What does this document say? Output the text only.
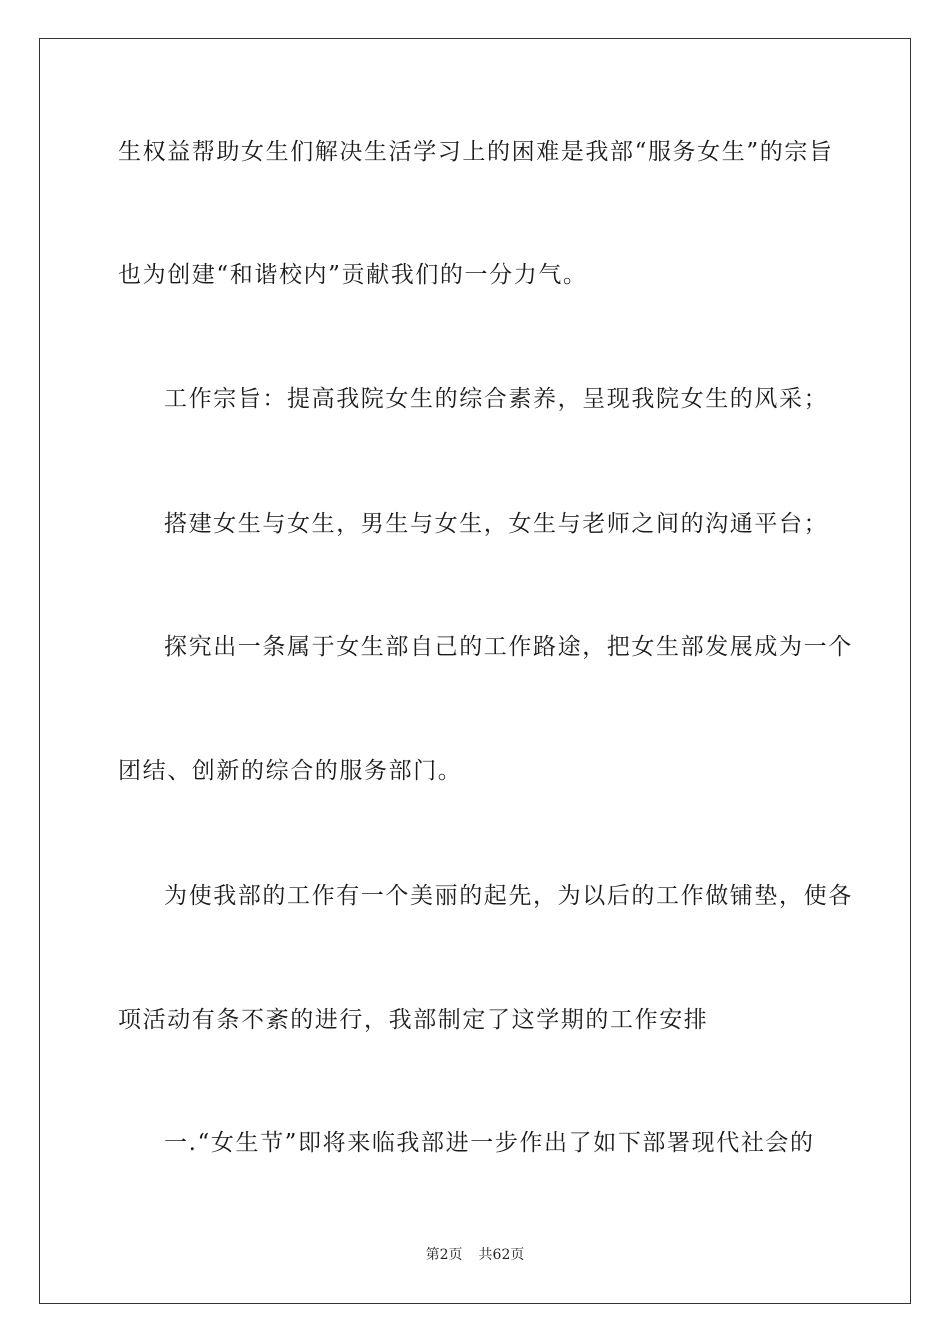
生权益帮助女生们解决生活学习上的困难是我部“服务女生”的宗旨
也为创建“和谐校内”贡献我们的一分力气。
工作宗旨：提高我院女生的综合素养，呈现我院女生的风采；
搭建女生与女生，男生与女生，女生与老师之间的沟通平台；
探究出一条属于女生部自己的工作路途，把女生部发展成为一个
团结、创新的综合的服务部门。
为使我部的工作有一个美丽的起先，为以后的工作做铺垫，使各
项活动有条不紊的进行，我部制定了这学期的工作安排
一.“女生节”即将来临我部进一步作出了如下部署现代社会的
第2页 共62页
